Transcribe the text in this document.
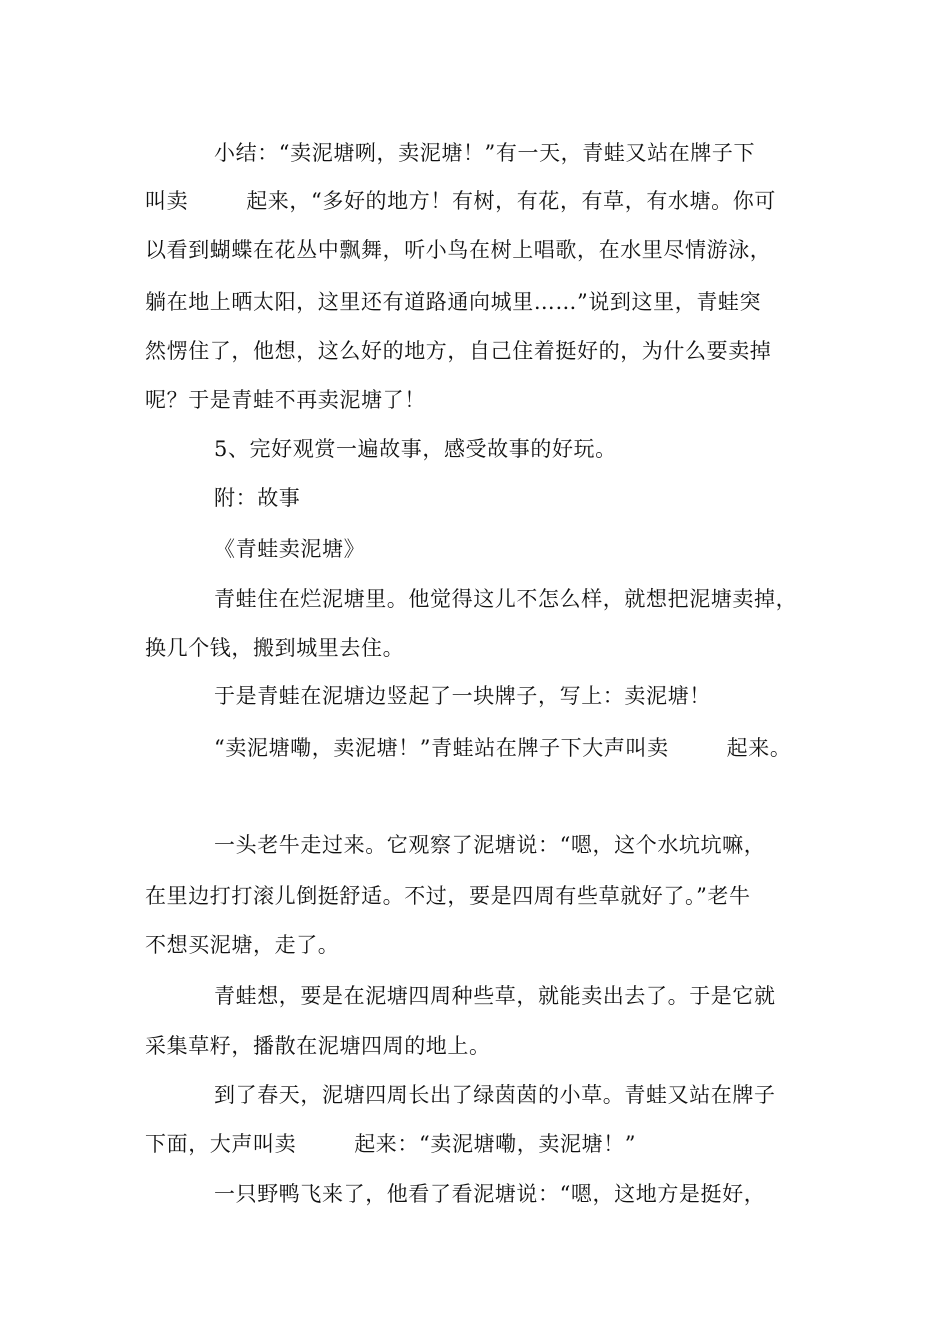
小结：“卖泥塘咧，卖泥塘！”有一天，青蛙又站在牌子下
叫卖	起来，“多好的地方！有树，有花，有草，有水塘。你可
以看到蝴蝶在花丛中飘舞，听小鸟在树上唱歌，在水里尽情游泳，
躺在地上晒太阳，这里还有道路通向城里……”说到这里，青蛙突
然愣住了，他想，这么好的地方，自己住着挺好的，为什么要卖掉
呢？于是青蛙不再卖泥塘了！
5、完好观赏一遍故事，感受故事的好玩。
附：故事
《青蛙卖泥塘》
青蛙住在烂泥塘里。他觉得这儿不怎么样，就想把泥塘卖掉，
换几个钱，搬到城里去住。
于是青蛙在泥塘边竖起了一块牌子，写上：卖泥塘！
“卖泥塘嘞，卖泥塘！”青蛙站在牌子下大声叫卖	起来。
一头老牛走过来。它观察了泥塘说：“嗯，这个水坑坑嘛，
在里边打打滚儿倒挺舒适。不过，要是四周有些草就好了。”老牛
不想买泥塘，走了。
青蛙想，要是在泥塘四周种些草，就能卖出去了。于是它就
采集草籽，播散在泥塘四周的地上。
到了春天，泥塘四周长出了绿茵茵的小草。青蛙又站在牌子
下面，大声叫卖	起来：“卖泥塘嘞，卖泥塘！”
一只野鸭飞来了，他看了看泥塘说：“嗯，这地方是挺好，
